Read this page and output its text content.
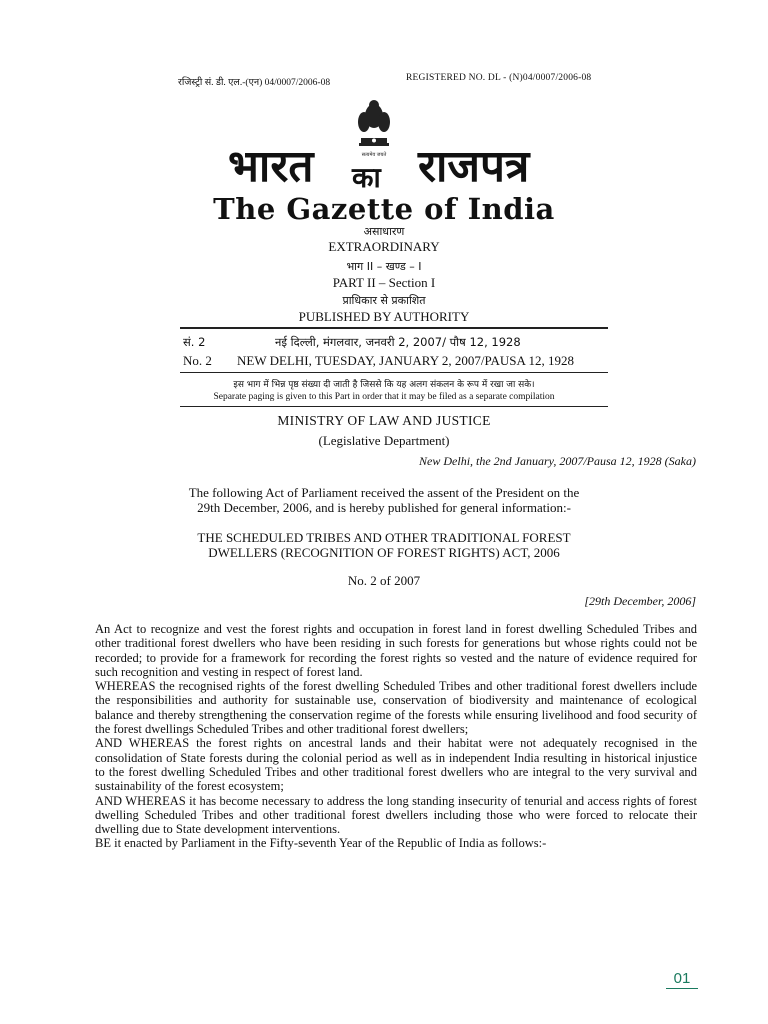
रजिस्ट्री सं. डी. एल.-(एन) 04/0007/2006-08	REGISTERED NO. DL - (N)04/0007/2006-08
सत्यमेव जयते
भारत राजपत्र
का
The Gazette of India
असाधारण
EXTRAORDINARY
भाग II – खण्ड – I
PART II – Section I
प्राधिकार से प्रकाशित
PUBLISHED BY AUTHORITY
सं. 2	नई दिल्ली, मंगलवार, जनवरी 2, 2007/ पौष 12, 1928
No. 2 NEW DELHI, TUESDAY, JANUARY 2, 2007/PAUSA 12, 1928
इस भाग में भिन्न पृष्ठ संख्या दी जाती है जिससे कि यह अलग संकलन के रूप में रखा जा सके।
Separate paging is given to this Part in order that it may be filed as a separate compilation
MINISTRY OF LAW AND JUSTICE
(Legislative Department)
New Delhi, the 2nd January, 2007/Pausa 12, 1928 (Saka)
The following Act of Parliament received the assent of the President on the
29th December, 2006, and is hereby published for general information:-
THE SCHEDULED TRIBES AND OTHER TRADITIONAL FOREST
DWELLERS (RECOGNITION OF FOREST RIGHTS) ACT, 2006
No. 2 of 2007
[29th December, 2006]

An Act to recognize and vest the forest rights and occupation in forest land in forest dwelling Scheduled Tribes and other traditional forest dwellers who have been residing in such forests for generations but whose rights could not be recorded; to provide for a framework for recording the forest rights so vested and the nature of evidence required for such recognition and vesting in respect of forest land.

WHEREAS the recognised rights of the forest dwelling Scheduled Tribes and other traditional forest dwellers include the responsibilities and authority for sustainable use, conservation of biodiversity and maintenance of ecological balance and thereby strengthening the conservation regime of the forests while ensuring livelihood and food security of the forest dwellings Scheduled Tribes and other traditional forest dwellers;

AND WHEREAS the forest rights on ancestral lands and their habitat were not adequately recognised in the consolidation of State forests during the colonial period as well as in independent India resulting in historical injustice to the forest dwelling Scheduled Tribes and other traditional forest dwellers who are integral to the very survival and sustainability of the forest ecosystem;

AND WHEREAS it has become necessary to address the long standing insecurity of tenurial and access rights of forest dwelling Scheduled Tribes and other traditional forest dwellers including those who were forced to relocate their dwelling due to State development interventions.

BE it enacted by Parliament in the Fifty-seventh Year of the Republic of India as follows:-

01
